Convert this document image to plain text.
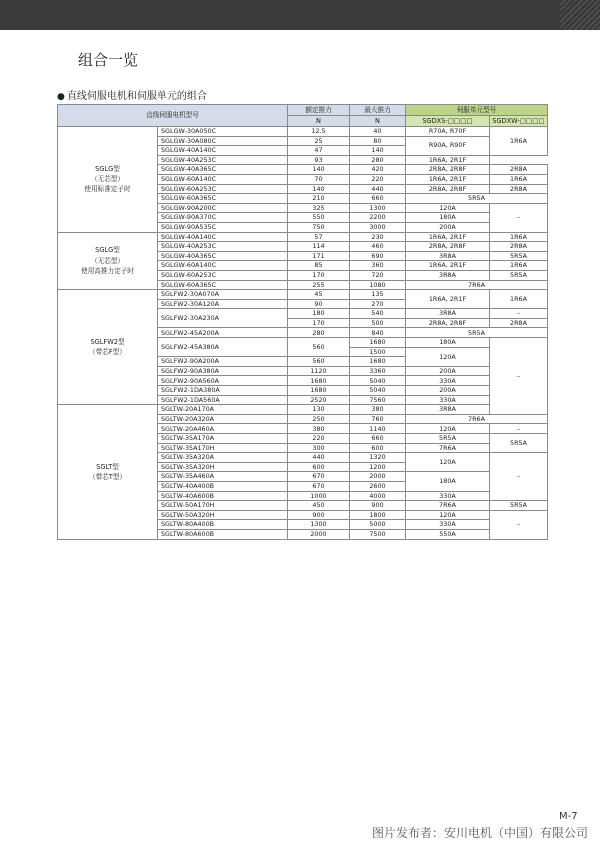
组合一览
● 直线伺服电机和伺服单元的组合
直线伺服电机型号		额定推力	最大推力	伺服单元型号		
		N	N	SGDXS-□□□□	SGDXW-□□□□	
SGLG型
（无芯型）
使用标准定子时	SGLGW-30A050C	12.5	40	R70A, R70F	1R6A	
	SGLGW-30A080C	25	80	R90A, R90F		
	SGLGW-40A140C	47	140			
	SGLGW-40A253C	93	280	1R6A, 2R1F		
	SGLGW-40A365C	140	420	2R8A, 2R8F	2R8A	
	SGLGW-60A140C	70	220	1R6A, 2R1F	1R6A	
	SGLGW-60A253C	140	440	2R8A, 2R8F	2R8A	
	SGLGW-60A365C	210	660	5R5A		
	SGLGW-90A200C	325	1300	120A	–	
	SGLGW-90A370C	550	2200	180A		
	SGLGW-90A535C	750	3000	200A		
SGLG型
（无芯型）
使用高推力定子时	SGLGW-40A140C	57	230	1R6A, 2R1F	1R6A	
	SGLGW-40A253C	114	460	2R8A, 2R8F	2R8A	
	SGLGW-40A365C	171	690	3R8A	5R5A	
	SGLGW-60A140C	85	360	1R6A, 2R1F	1R6A	
	SGLGW-60A253C	170	720	3R8A	5R5A	
	SGLGW-60A365C	255	1080	7R6A		
SGLFW2型
（带芯F型）	SGLFW2-30A070A	45	135	1R6A, 2R1F	1R6A	
	SGLFW2-30A120A	90	270			
	SGLFW2-30A230A	180	540	3R8A	–	
		170	500	2R8A, 2R8F	2R8A	
	SGLFW2-45A200A	280	840	5R5A		
	SGLFW2-45A380A	560	1680	180A	–	
			1500	120A		
	SGLFW2-90A200A	560	1680			
	SGLFW2-90A380A	1120	3360	200A		
	SGLFW2-90A560A	1680	5040	330A		
	SGLFW2-1DA380A	1680	5040	200A		
	SGLFW2-1DA560A	2520	7560	330A		
SGLT型
（带芯T型）	SGLTW-20A170A	130	380	3R8A	
	SGLTW-20A320A	250	760	7R6A		
	SGLTW-20A460A	380	1140	120A	–	
	SGLTW-35A170A	220	660	5R5A	5R5A	
	SGLTW-35A170H	300	600	7R6A		
	SGLTW-35A320A	440	1320	120A	–	
	SGLTW-35A320H	600	1200			
	SGLTW-35A460A	670	2000	180A		
	SGLTW-40A400B	670	2600			
	SGLTW-40A600B	1000	4000	330A		
	SGLTW-50A170H	450	900	7R6A	5R5A	
	SGLTW-50A320H	900	1800	120A	–	
	SGLTW-80A400B	1300	5000	330A		
	SGLTW-80A600B	2000	7500	550A		
M-7
图片发布者：安川电机（中国）有限公司
